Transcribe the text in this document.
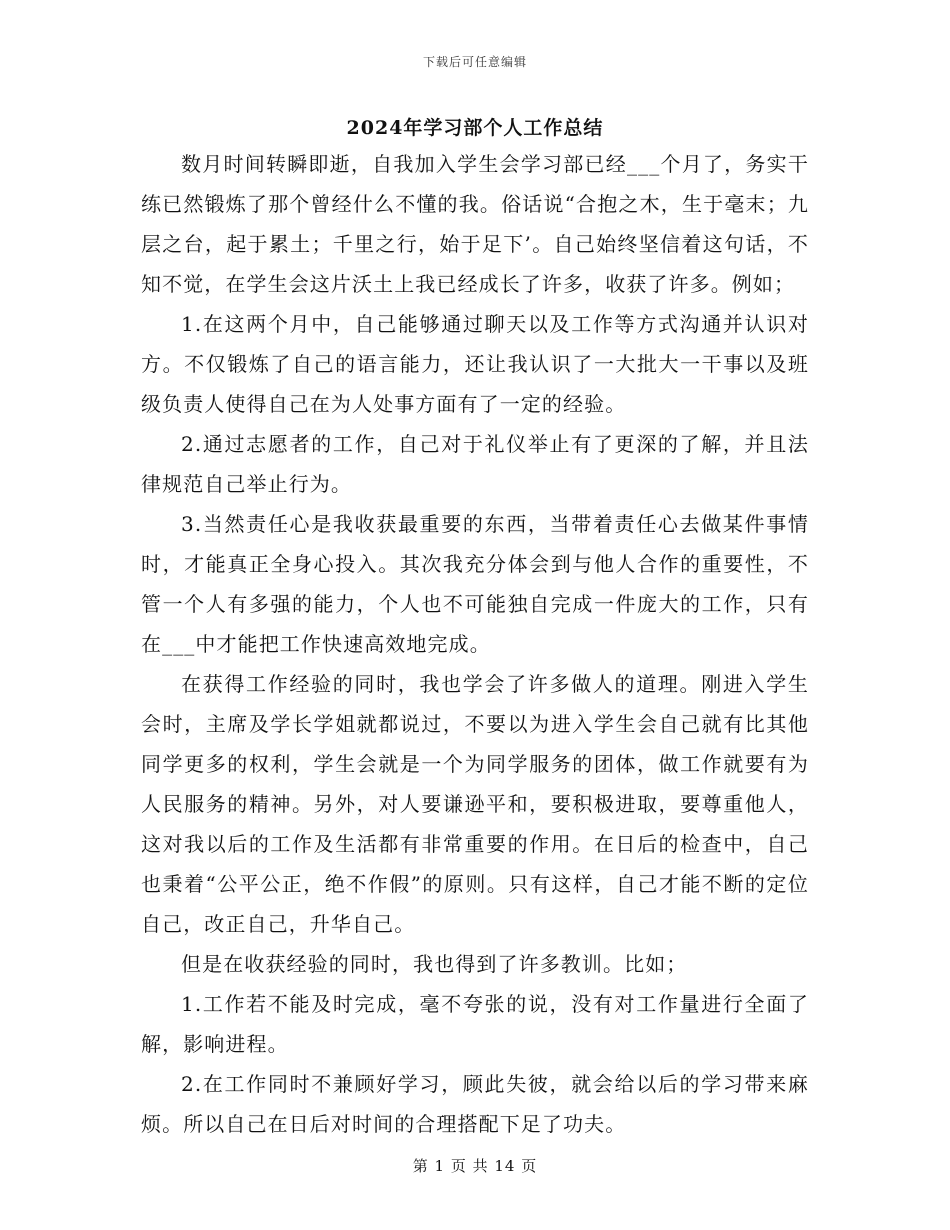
下载后可任意编辑
2024年学习部个人工作总结

数月时间转瞬即逝，自我加入学生会学习部已经___个月了，务实干练已然锻炼了那个曾经什么不懂的我。俗话说“合抱之木，生于毫末；九层之台，起于累土；千里之行，始于足下’。自己始终坚信着这句话，不知不觉，在学生会这片沃土上我已经成长了许多，收获了许多。例如；

1.在这两个月中，自己能够通过聊天以及工作等方式沟通并认识对方。不仅锻炼了自己的语言能力，还让我认识了一大批大一干事以及班级负责人使得自己在为人处事方面有了一定的经验。

2.通过志愿者的工作，自己对于礼仪举止有了更深的了解，并且法律规范自己举止行为。

3.当然责任心是我收获最重要的东西，当带着责任心去做某件事情时，才能真正全身心投入。其次我充分体会到与他人合作的重要性，不管一个人有多强的能力，个人也不可能独自完成一件庞大的工作，只有在___中才能把工作快速高效地完成。

在获得工作经验的同时，我也学会了许多做人的道理。刚进入学生会时，主席及学长学姐就都说过，不要以为进入学生会自己就有比其他同学更多的权利，学生会就是一个为同学服务的团体，做工作就要有为人民服务的精神。另外，对人要谦逊平和，要积极进取，要尊重他人，这对我以后的工作及生活都有非常重要的作用。在日后的检查中，自己也秉着“公平公正，绝不作假”的原则。只有这样，自己才能不断的定位自己，改正自己，升华自己。

但是在收获经验的同时，我也得到了许多教训。比如；

1.工作若不能及时完成，毫不夸张的说，没有对工作量进行全面了解，影响进程。

2.在工作同时不兼顾好学习，顾此失彼，就会给以后的学习带来麻烦。所以自己在日后对时间的合理搭配下足了功夫。

第 1 页 共 14 页
